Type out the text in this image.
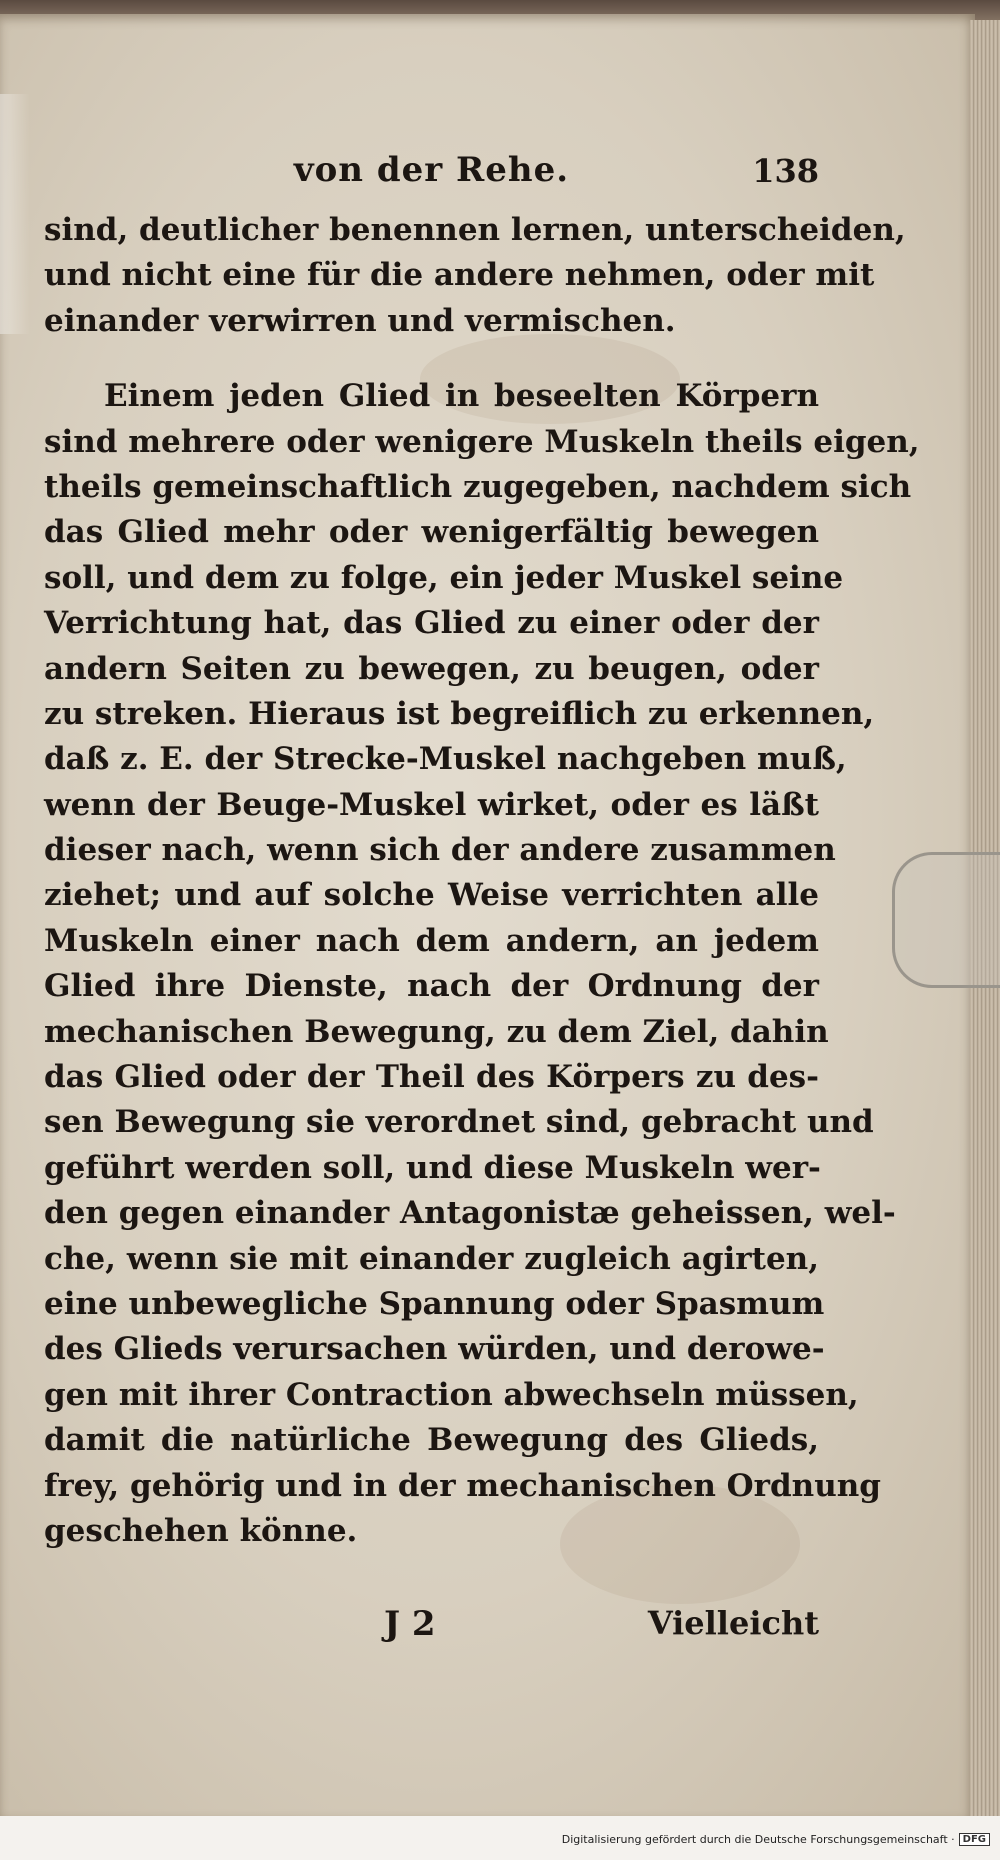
von der Rehe.	138
sind, deutlicher benennen lernen, unterscheiden,
und nicht eine für die andere nehmen, oder mit
einander verwirren und vermischen.
Einem jeden Glied in beseelten Körpern
sind mehrere oder wenigere Muskeln theils eigen,
theils gemeinschaftlich zugegeben, nachdem sich
das Glied mehr oder wenigerfältig bewegen
soll, und dem zu folge, ein jeder Muskel seine
Verrichtung hat, das Glied zu einer oder der
andern Seiten zu bewegen, zu beugen, oder
zu streken. Hieraus ist begreiflich zu erkennen,
daß z. E. der Strecke-Muskel nachgeben muß,
wenn der Beuge-Muskel wirket, oder es läßt
dieser nach, wenn sich der andere zusammen
ziehet; und auf solche Weise verrichten alle
Muskeln einer nach dem andern, an jedem
Glied ihre Dienste, nach der Ordnung der
mechanischen Bewegung, zu dem Ziel, dahin
das Glied oder der Theil des Körpers zu des-
sen Bewegung sie verordnet sind, gebracht und
geführt werden soll, und diese Muskeln wer-
den gegen einander Antagonistæ geheissen, wel-
che, wenn sie mit einander zugleich agirten,
eine unbewegliche Spannung oder Spasmum
des Glieds verursachen würden, und derowe-
gen mit ihrer Contraction abwechseln müssen,
damit die natürliche Bewegung des Glieds,
frey, gehörig und in der mechanischen Ordnung
geschehen könne.
J 2	Vielleicht
Digitalisierung gefördert durch die Deutsche Forschungsgemeinschaft · DFG
